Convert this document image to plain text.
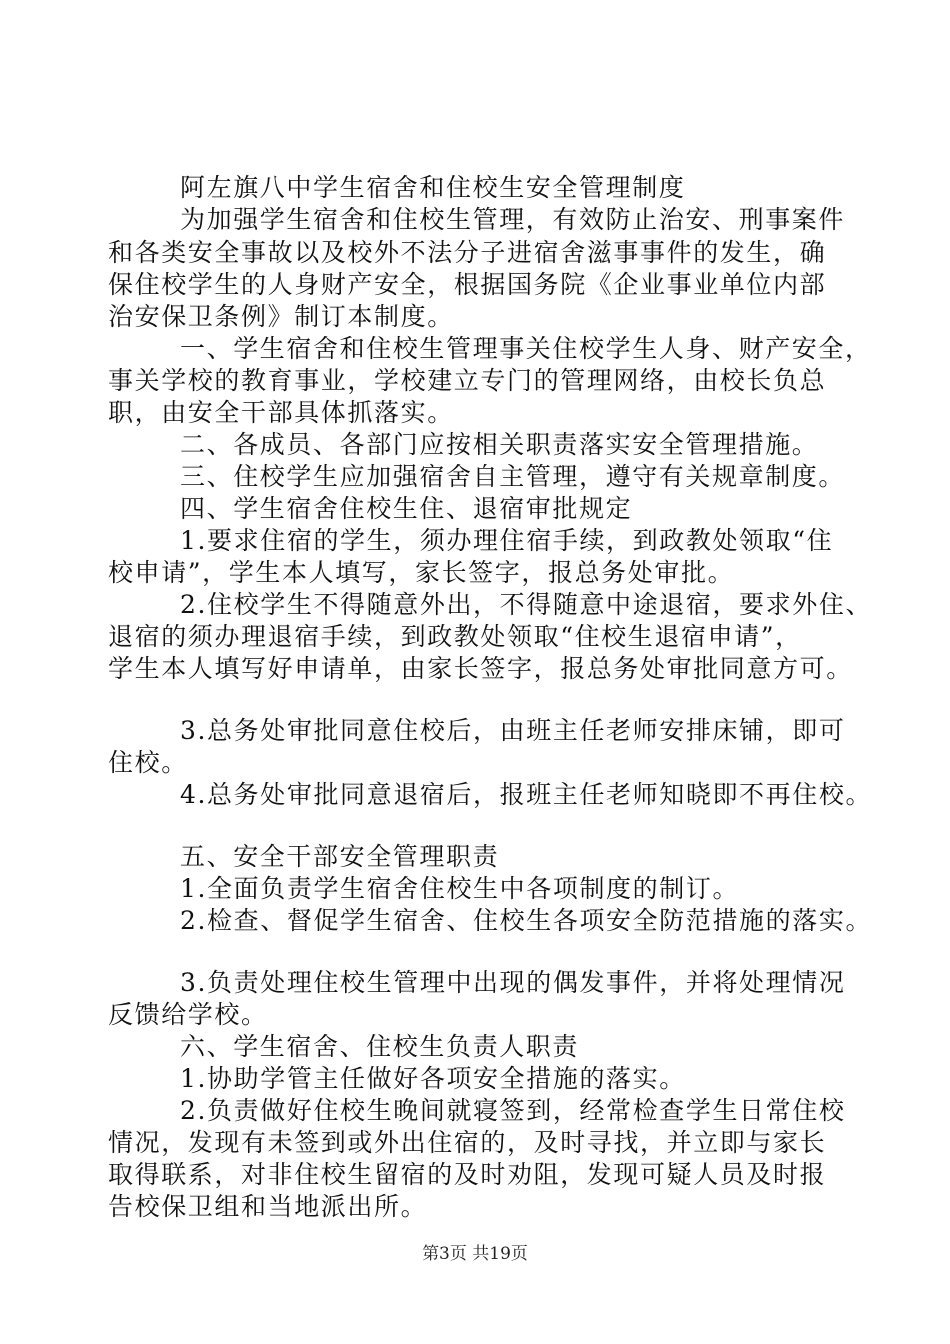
阿左旗八中学生宿舍和住校生安全管理制度
为加强学生宿舍和住校生管理，有效防止治安、刑事案件
和各类安全事故以及校外不法分子进宿舍滋事事件的发生，确
保住校学生的人身财产安全，根据国务院《企业事业单位内部
治安保卫条例》制订本制度。
一、学生宿舍和住校生管理事关住校学生人身、财产安全，
事关学校的教育事业，学校建立专门的管理网络，由校长负总
职，由安全干部具体抓落实。
二、各成员、各部门应按相关职责落实安全管理措施。
三、住校学生应加强宿舍自主管理，遵守有关规章制度。
四、学生宿舍住校生住、退宿审批规定
1.要求住宿的学生，须办理住宿手续，到政教处领取“住
校申请”，学生本人填写，家长签字，报总务处审批。
2.住校学生不得随意外出，不得随意中途退宿，要求外住、
退宿的须办理退宿手续，到政教处领取“住校生退宿申请”，
学生本人填写好申请单，由家长签字，报总务处审批同意方可。
3.总务处审批同意住校后，由班主任老师安排床铺，即可
住校。
4.总务处审批同意退宿后，报班主任老师知晓即不再住校。
五、安全干部安全管理职责
1.全面负责学生宿舍住校生中各项制度的制订。
2.检查、督促学生宿舍、住校生各项安全防范措施的落实。
3.负责处理住校生管理中出现的偶发事件，并将处理情况
反馈给学校。
六、学生宿舍、住校生负责人职责
1.协助学管主任做好各项安全措施的落实。
2.负责做好住校生晚间就寝签到，经常检查学生日常住校
情况，发现有未签到或外出住宿的，及时寻找，并立即与家长
取得联系，对非住校生留宿的及时劝阻，发现可疑人员及时报
告校保卫组和当地派出所。
第3页 共19页
